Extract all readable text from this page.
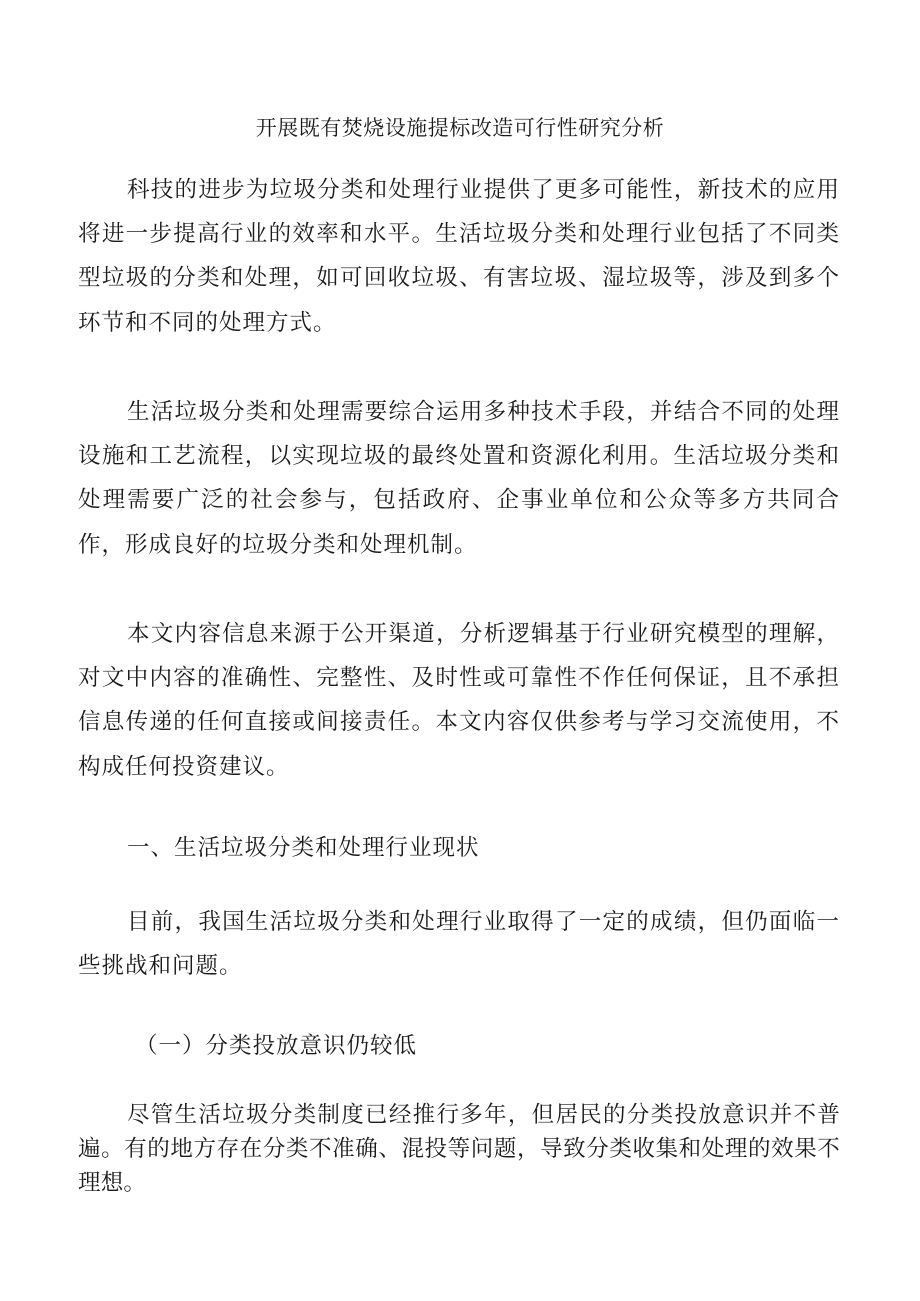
开展既有焚烧设施提标改造可行性研究分析

科技的进步为垃圾分类和处理行业提供了更多可能性，新技术的应用将进一步提高行业的效率和水平。生活垃圾分类和处理行业包括了不同类型垃圾的分类和处理，如可回收垃圾、有害垃圾、湿垃圾等，涉及到多个环节和不同的处理方式。

生活垃圾分类和处理需要综合运用多种技术手段，并结合不同的处理设施和工艺流程，以实现垃圾的最终处置和资源化利用。生活垃圾分类和处理需要广泛的社会参与，包括政府、企事业单位和公众等多方共同合作，形成良好的垃圾分类和处理机制。

本文内容信息来源于公开渠道，分析逻辑基于行业研究模型的理解，对文中内容的准确性、完整性、及时性或可靠性不作任何保证，且不承担信息传递的任何直接或间接责任。本文内容仅供参考与学习交流使用，不构成任何投资建议。

一、生活垃圾分类和处理行业现状

目前，我国生活垃圾分类和处理行业取得了一定的成绩，但仍面临一些挑战和问题。

（一）分类投放意识仍较低

尽管生活垃圾分类制度已经推行多年，但居民的分类投放意识并不普遍。有的地方存在分类不准确、混投等问题，导致分类收集和处理的效果不理想。
